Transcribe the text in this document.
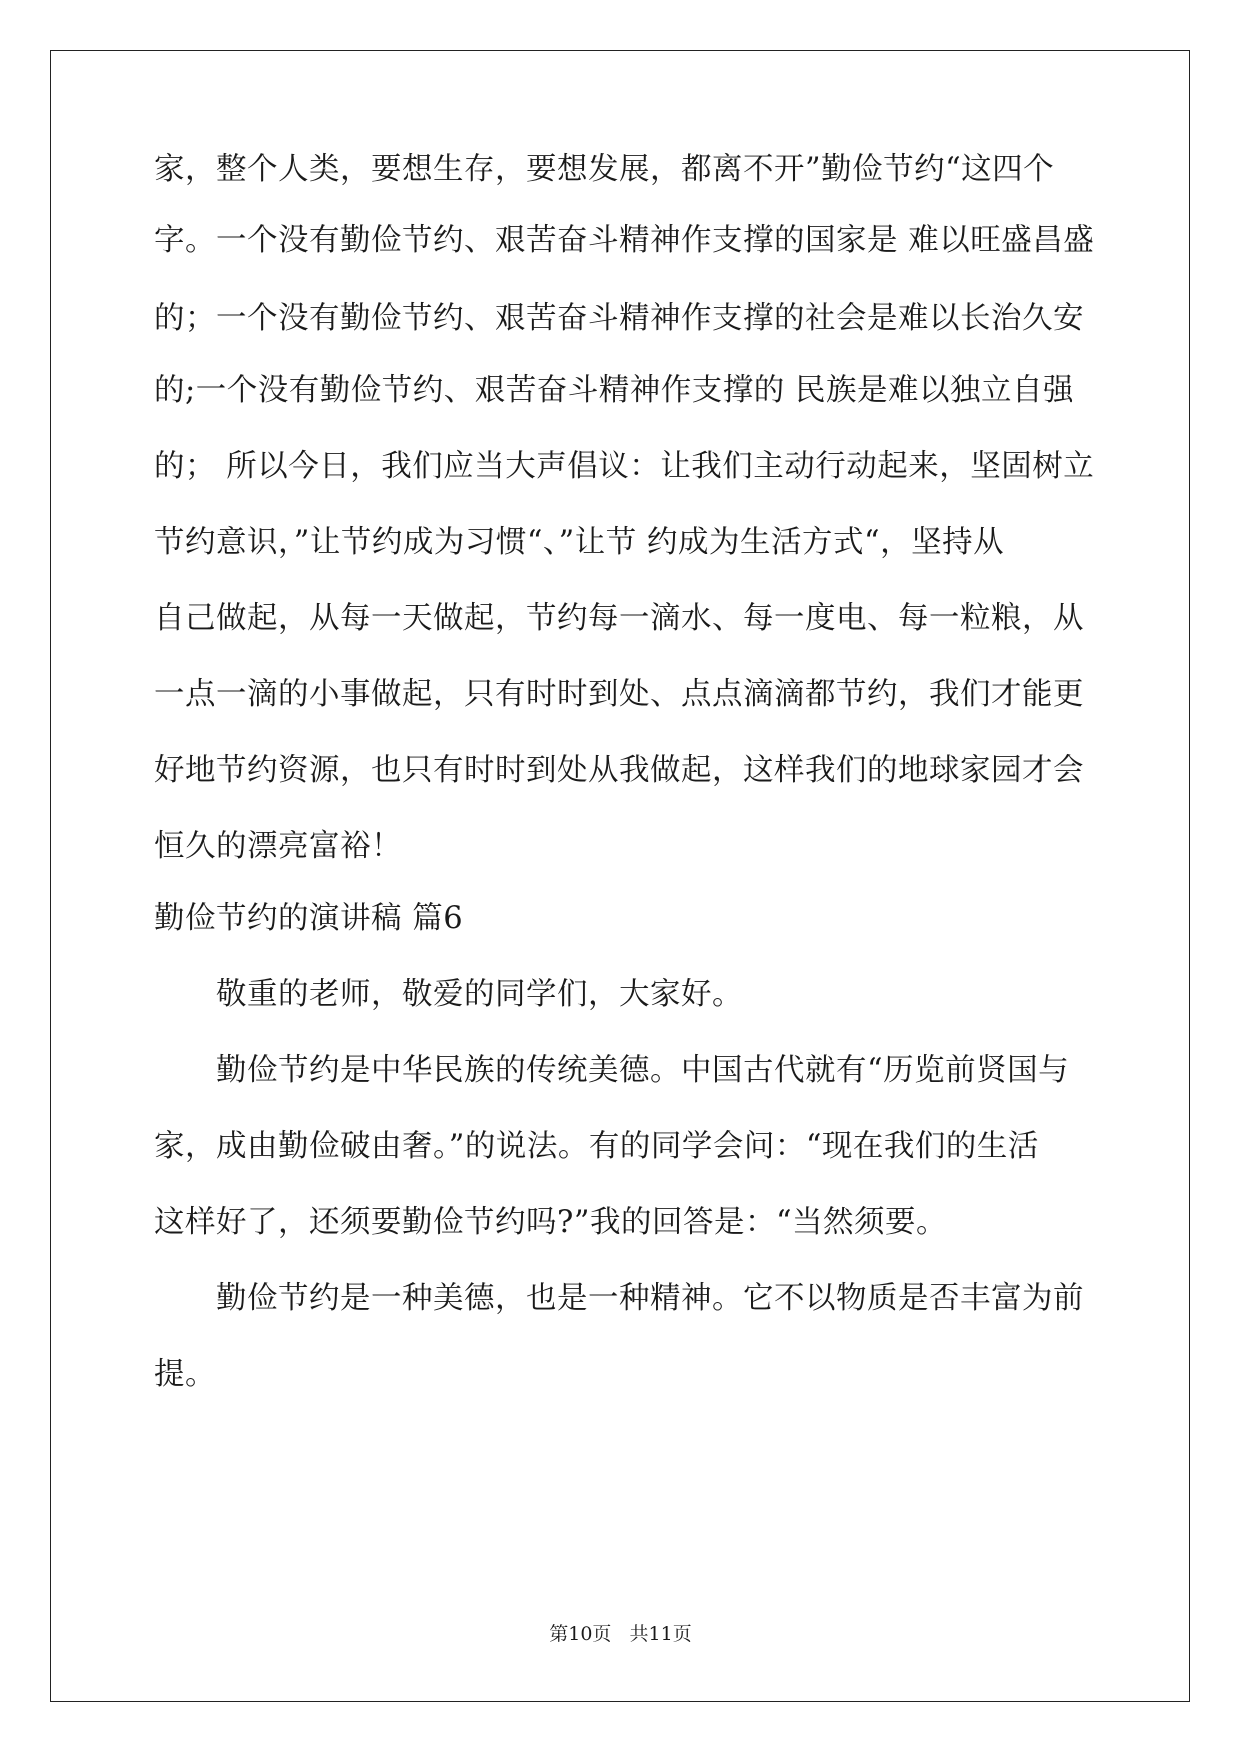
家，整个人类，要想生存，要想发展，都离不开”勤俭节约“这四个
字。一个没有勤俭节约、艰苦奋斗精神作支撑的国家是 难以旺盛昌盛
的；一个没有勤俭节约、艰苦奋斗精神作支撑的社会是难以长治久安
的;一个没有勤俭节约、艰苦奋斗精神作支撑的 民族是难以独立自强
的； 所以今日，我们应当大声倡议：让我们主动行动起来，坚固树立
节约意识，”让节约成为习惯“、”让节 约成为生活方式“，坚持从
自己做起，从每一天做起，节约每一滴水、每一度电、每一粒粮，从
一点一滴的小事做起，只有时时到处、点点滴滴都节约，我们才能更
好地节约资源，也只有时时到处从我做起，这样我们的地球家园才会
恒久的漂亮富裕！
勤俭节约的演讲稿 篇6
敬重的老师，敬爱的同学们，大家好。
勤俭节约是中华民族的传统美德。中国古代就有“历览前贤国与
家，成由勤俭破由奢。”的说法。有的同学会问：“现在我们的生活
这样好了，还须要勤俭节约吗?”我的回答是：“当然须要。
勤俭节约是一种美德，也是一种精神。它不以物质是否丰富为前
提。
第10页   共11页
